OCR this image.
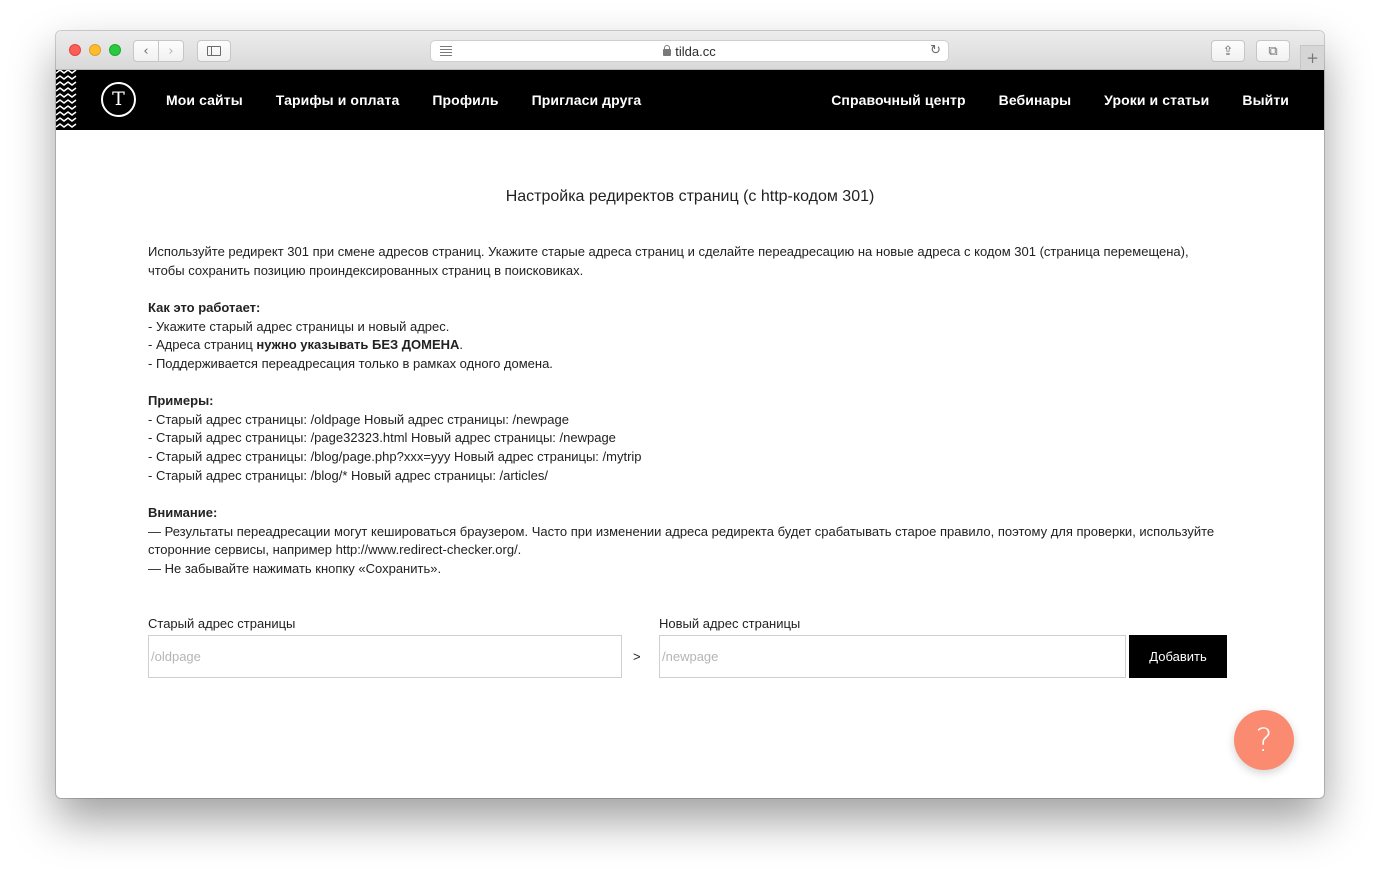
‹ ›	tilda.cc	↻	⇪	⧉ +
T	Мои сайты Тарифы и оплата Профиль Пригласи друга	Справочный центр Вебинары Уроки и статьи Выйти
Настройка редиректов страниц (с http-кодом 301)

Используйте редирект 301 при смене адресов страниц. Укажите старые адреса страниц и сделайте переадресацию на новые адреса с кодом 301 (страница перемещена), чтобы сохранить позицию проиндексированных страниц в поисковиках.

Как это работает:
- Укажите старый адрес страницы и новый адрес.
- Адреса страниц нужно указывать БЕЗ ДОМЕНА.
- Поддерживается переадресация только в рамках одного домена.
Примеры:
- Старый адрес страницы: /oldpage Новый адрес страницы: /newpage
- Старый адрес страницы: /page32323.html Новый адрес страницы: /newpage
- Старый адрес страницы: /blog/page.php?xxx=yyy Новый адрес страницы: /mytrip
- Старый адрес страницы: /blog/* Новый адрес страницы: /articles/
Внимание:
— Результаты переадресации могут кешироваться браузером. Часто при изменении адреса редиректа будет срабатывать старое правило, поэтому для проверки, используйте сторонние сервисы, например http://www.redirect-checker.org/.
— Не забывайте нажимать кнопку «Сохранить».
Старый адрес страницы
/oldpage
>
Новый адрес страницы
/newpage
Добавить
?
